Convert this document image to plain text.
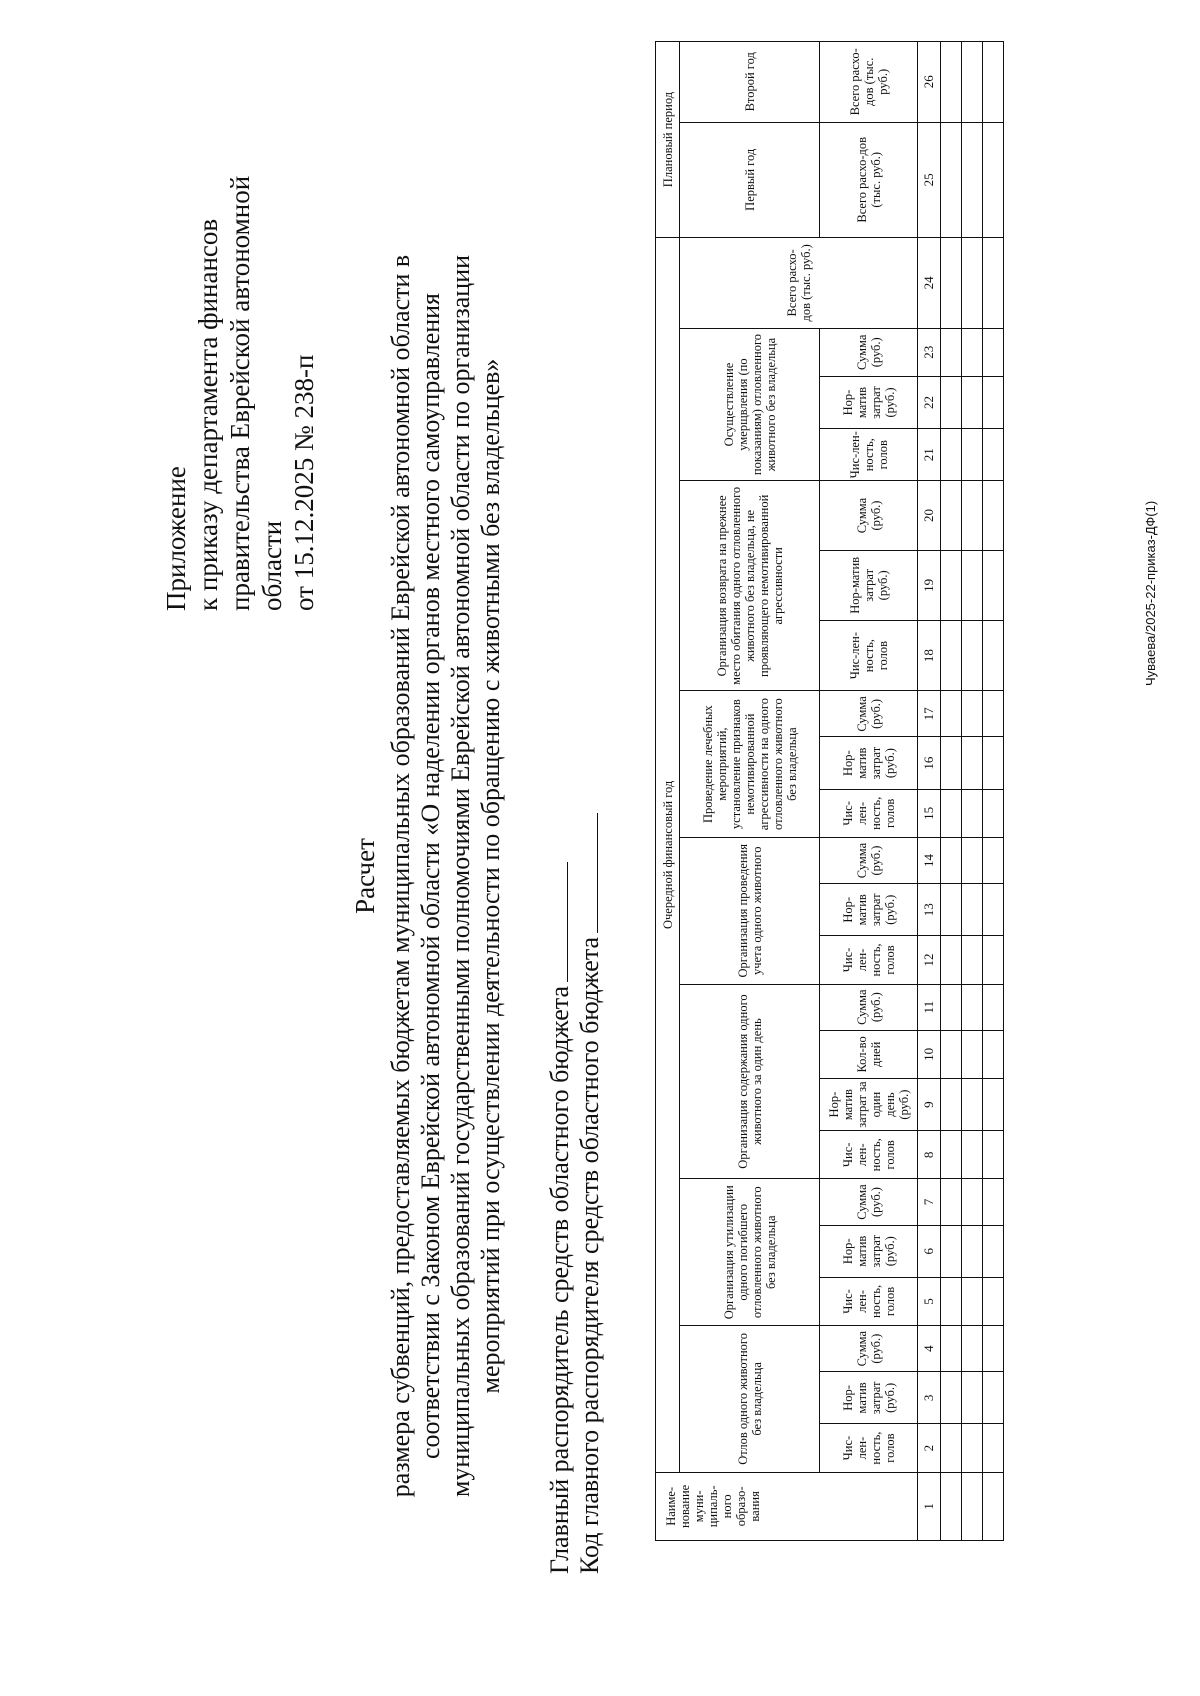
Приложение к приказу департамента финансов правительства Еврейской автономной области от 15.12.2025 № 238-п
Расчет размера субвенций, предоставляемых бюджетам муниципальных образований Еврейской автономной области в соответствии с Законом Еврейской автономной области «О наделении органов местного самоуправления муниципальных образований государственными полномочиями Еврейской автономной области по организации мероприятий при осуществлении деятельности по обращению с животными без владельцев» Главный распорядитель средств областного бюджета Код главного распорядителя средств областного бюджета	Наиме-нование муни-ципаль-ного образо-вания	Очередной финансовый год																							Плановый период	
	Отлов одного животного без владельца			Организация утилизации одного погибшего отловленного животного без владельца			Организация содержания одного животного за один день				Организация проведения учета одного животного			Проведение лечебных мероприятий, установление признаков немотивированной агрессивности на одного отловленного животного без владельца			Организация возврата на прежнее место обитания одного отловленного животного без владельца, не проявляющего немотивированной агрессивности			Осуществление умерщвления (по показаниям) отловленного животного без владельца			Всего расхо-дов (тыс. руб.)	Первый год	Второй год
	Чис-лен-ность, голов	Нор-матив затрат (руб.)	Сумма (руб.)	Чис-лен-ность, голов	Нор-матив затрат (руб.)	Сумма (руб.)	Чис-лен-ность, голов	Нор-матив затрат за один день (руб.)	Кол-во дней	Сумма (руб.)	Чис-лен-ность, голов	Нор-матив затрат (руб.)	Сумма (руб.)	Чис-лен-ность, голов	Нор-матив затрат (руб.)	Сумма (руб.)	Чис-лен-ность, голов	Нор-матив затрат (руб.)	Сумма (руб.)	Чис-лен-ность, голов	Нор-матив затрат (руб.)	Сумма (руб.)		Всего расхо-дов (тыс. руб.)	Всего расхо-дов (тыс. руб.)
1	2	3	4	5	6	7	8	9	10	11	12	13	14	15	16	17	18	19	20	21	22	23	24	25	26

Чуваева/2025-22-приказ-ДФ(1)
